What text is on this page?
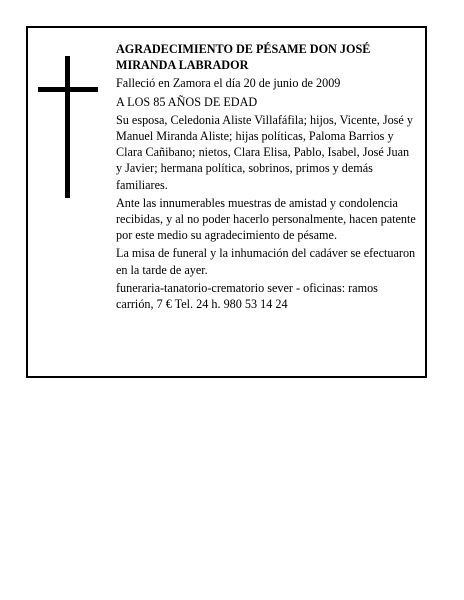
AGRADECIMIENTO DE PÉSAME DON JOSÉ MIRANDA LABRADOR

Falleció en Zamora el día 20 de junio de 2009

A LOS 85 AÑOS DE EDAD

Su esposa, Celedonia Aliste Villafáfila; hijos, Vicente, José y Manuel Miranda Aliste; hijas políticas, Paloma Barrios y Clara Cañibano; nietos, Clara Elisa, Pablo, Isabel, José Juan y Javier; hermana política, sobrinos, primos y demás familiares.

Ante las innumerables muestras de amistad y condolencia recibidas, y al no poder hacerlo personalmente, hacen patente por este medio su agradecimiento de pésame.

La misa de funeral y la inhumación del cadáver se efectuaron en la tarde de ayer.

funeraria-tanatorio-crematorio sever - oficinas: ramos carrión, 7 € Tel. 24 h. 980 53 14 24
